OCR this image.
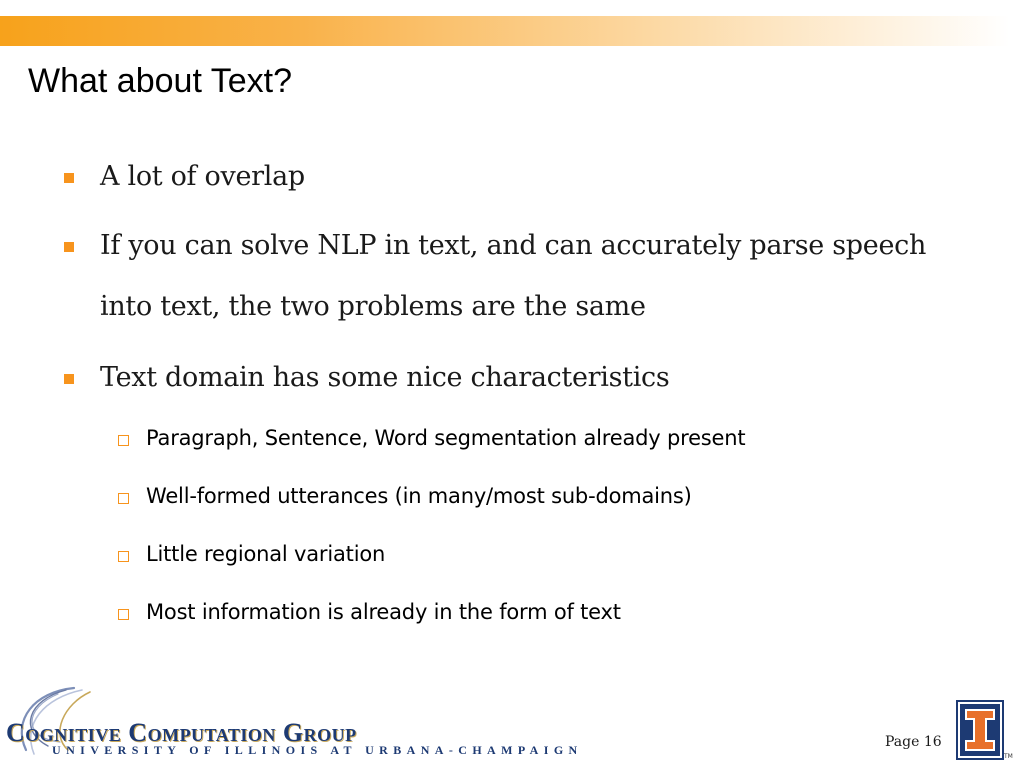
What about Text?
A lot of overlap
If you can solve NLP in text, and can accurately parse speech
into text, the two problems are the same
Text domain has some nice characteristics
Paragraph, Sentence, Word segmentation already present
Well-formed utterances (in many/most sub-domains)
Little regional variation
Most information is already in the form of text
Cognitive Computation Group
UNIVERSITY OF ILLINOIS AT URBANA-CHAMPAIGN	Page 16
TM
